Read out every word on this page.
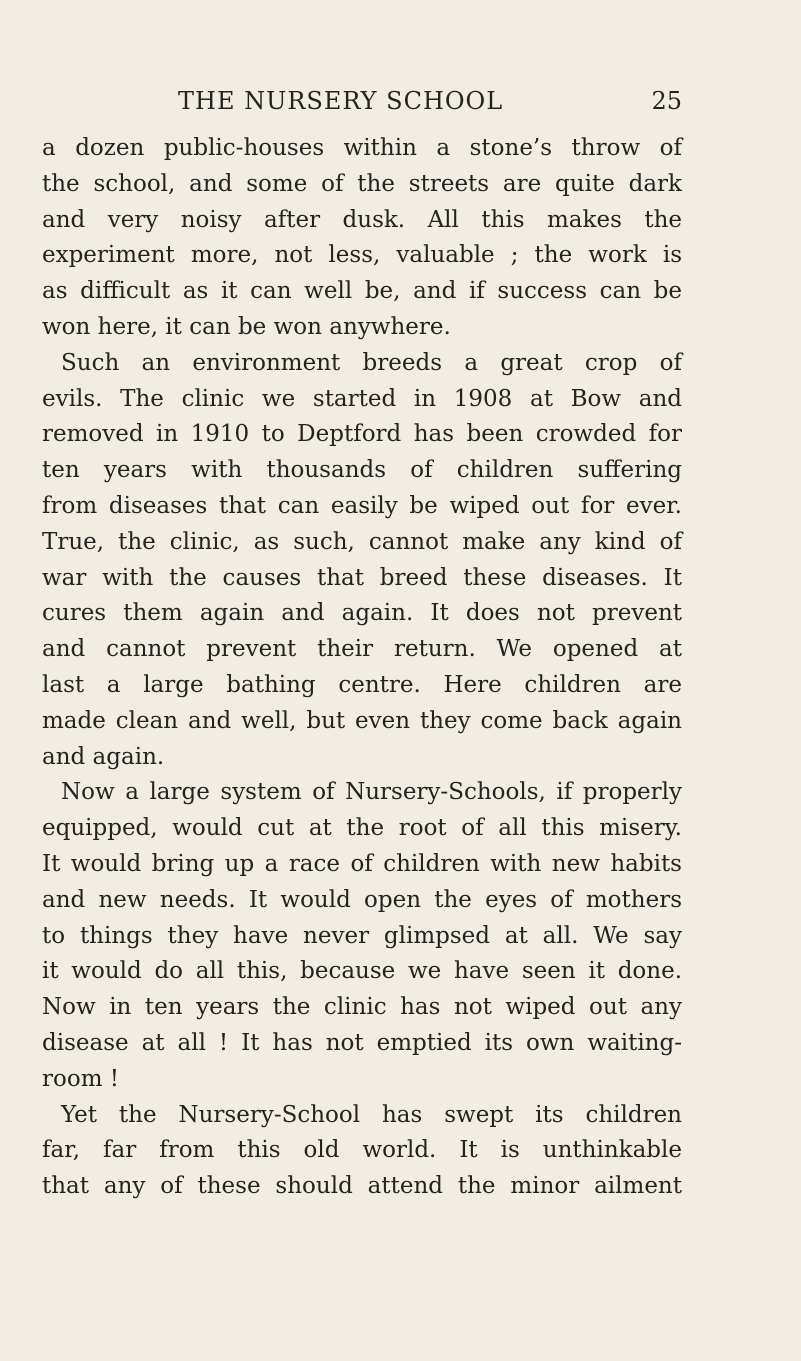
THE NURSERY SCHOOL	25
a dozen public-houses within a stone’s throw of
the school, and some of the streets are quite dark
and very noisy after dusk. All this makes the
experiment more, not less, valuable ; the work is
as difficult as it can well be, and if success can be
won here, it can be won anywhere.
Such an environment breeds a great crop of
evils. The clinic we started in 1908 at Bow and
removed in 1910 to Deptford has been crowded for
ten years with thousands of children suffering
from diseases that can easily be wiped out for ever.
True, the clinic, as such, cannot make any kind of
war with the causes that breed these diseases. It
cures them again and again. It does not prevent
and cannot prevent their return. We opened at
last a large bathing centre. Here children are
made clean and well, but even they come back again
and again.
Now a large system of Nursery-Schools, if properly
equipped, would cut at the root of all this misery.
It would bring up a race of children with new habits
and new needs. It would open the eyes of mothers
to things they have never glimpsed at all. We say
it would do all this, because we have seen it done.
Now in ten years the clinic has not wiped out any
disease at all ! It has not emptied its own waiting-
room !
Yet the Nursery-School has swept its children
far, far from this old world. It is unthinkable
that any of these should attend the minor ailment
